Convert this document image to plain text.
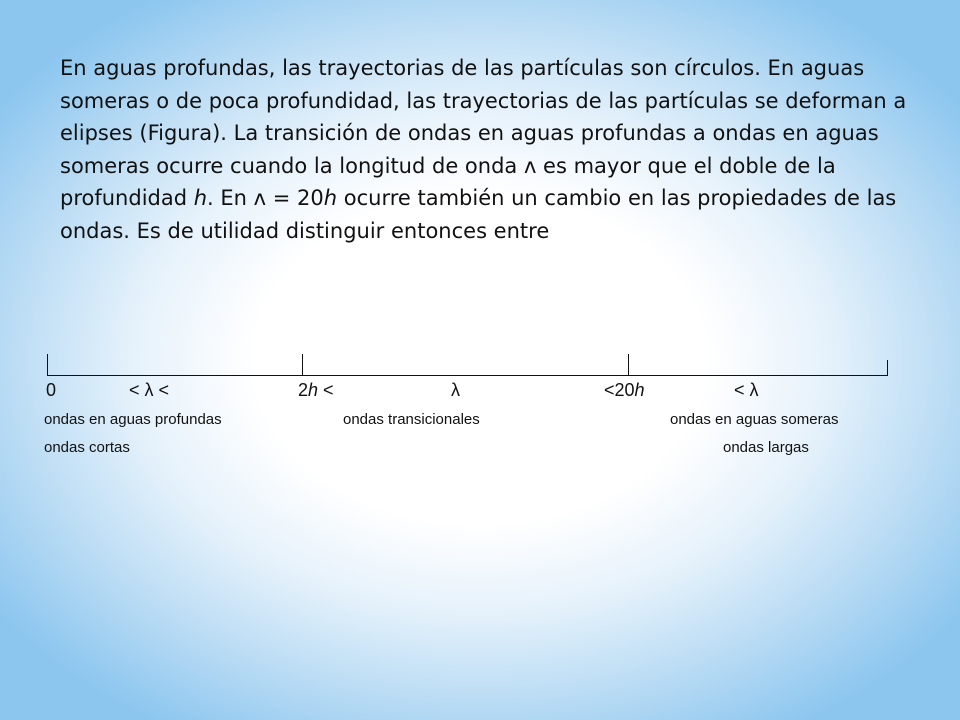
En aguas profundas, las trayectorias de las partículas son círculos. En aguas someras o de poca profundidad, las trayectorias de las partículas se deforman a elipses (Figura). La transición de ondas en aguas profundas a ondas en aguas someras ocurre cuando la longitud de onda ʌ es mayor que el doble de la profundidad h. En ʌ = 20h ocurre también un cambio en las propiedades de las ondas. Es de utilidad distinguir entonces entre

0	< λ <	2h <	λ	<20h	< λ
ondas en aguas profundas	ondas transicionales	ondas en aguas someras
ondas cortas	ondas largas
